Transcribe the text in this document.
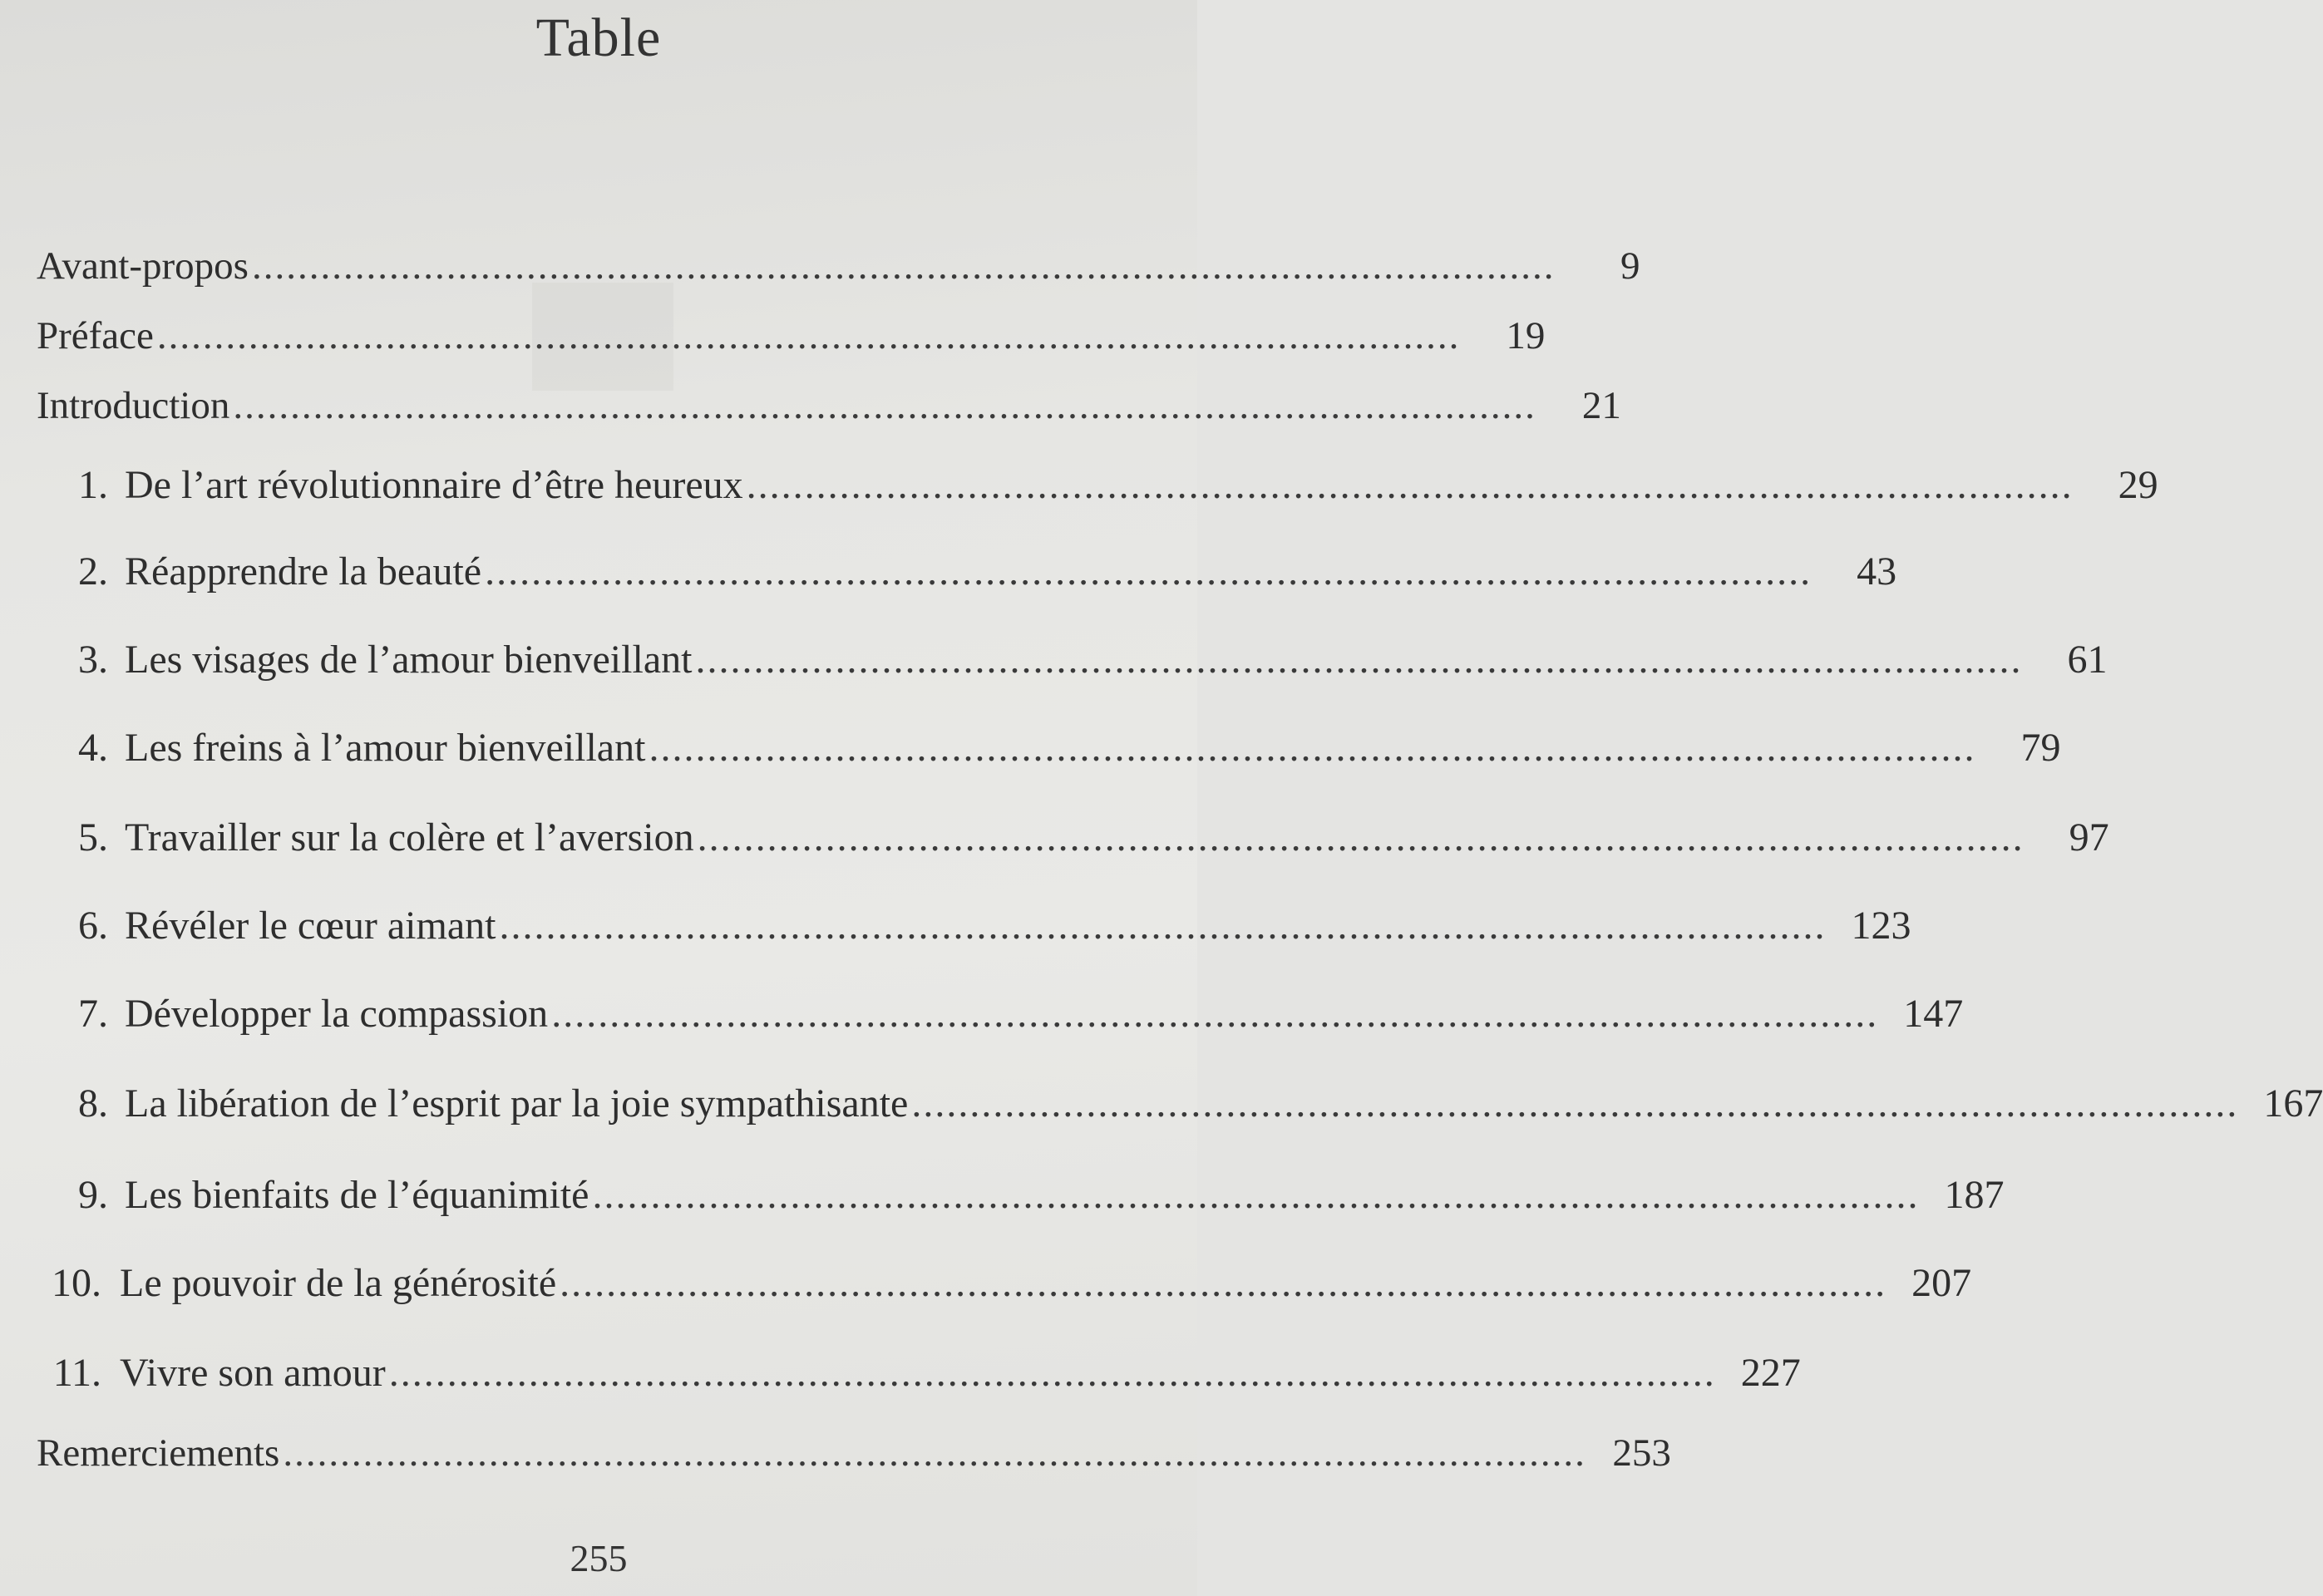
Table
Avant-propos ..................................................................................................................	9
Préface ..................................................................................................................	19
Introduction ..................................................................................................................	21
1. De l’art révolutionnaire d’être heureux ..................................................................................................................	29
2. Réapprendre la beauté ..................................................................................................................	43
3. Les visages de l’amour bienveillant ..................................................................................................................	61
4. Les freins à l’amour bienveillant ..................................................................................................................	79
5. Travailler sur la colère et l’aversion ..................................................................................................................	97
6. Révéler le cœur aimant .................................................................................................................. 123
7. Développer la compassion .................................................................................................................. 147
8. La libération de l’esprit par la joie sympathisante .................................................................................................................. 167
9. Les bienfaits de l’équanimité .................................................................................................................. 187
10. Le pouvoir de la générosité .................................................................................................................. 207
11. Vivre son amour .................................................................................................................. 227
Remerciements .................................................................................................................. 253
255
